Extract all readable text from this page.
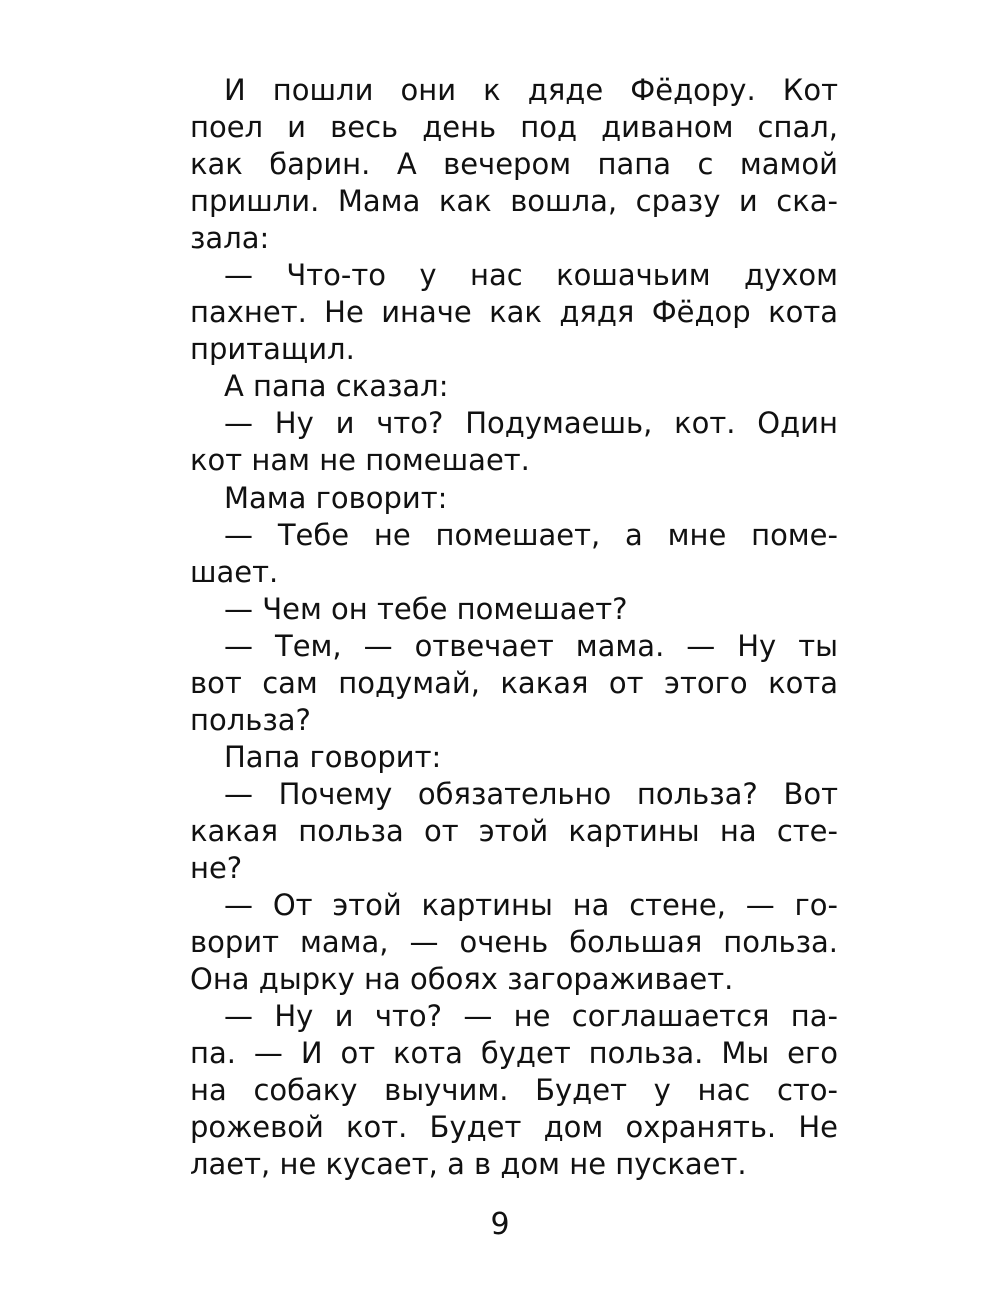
И пошли они к дяде Фёдору. Кот
поел и весь день под диваном спал,
как барин. А вечером папа с мамой
пришли. Мама как вошла, сразу и ска-
зала:
— Что-то у нас кошачьим духом
пахнет. Не иначе как дядя Фёдор кота
притащил.
А папа сказал:
— Ну и что? Подумаешь, кот. Один
кот нам не помешает.
Мама говорит:
— Тебе не помешает, а мне поме-
шает.
— Чем он тебе помешает?
— Тем, — отвечает мама. — Ну ты
вот сам подумай, какая от этого кота
польза?
Папа говорит:
— Почему обязательно польза? Вот
какая польза от этой картины на сте-
не?
— От этой картины на стене, — го-
ворит мама, — очень большая польза.
Она дырку на обоях загораживает.
— Ну и что? — не соглашается па-
па. — И от кота будет польза. Мы его
на собаку выучим. Будет у нас сто-
рожевой кот. Будет дом охранять. Не
лает, не кусает, а в дом не пускает.
9
